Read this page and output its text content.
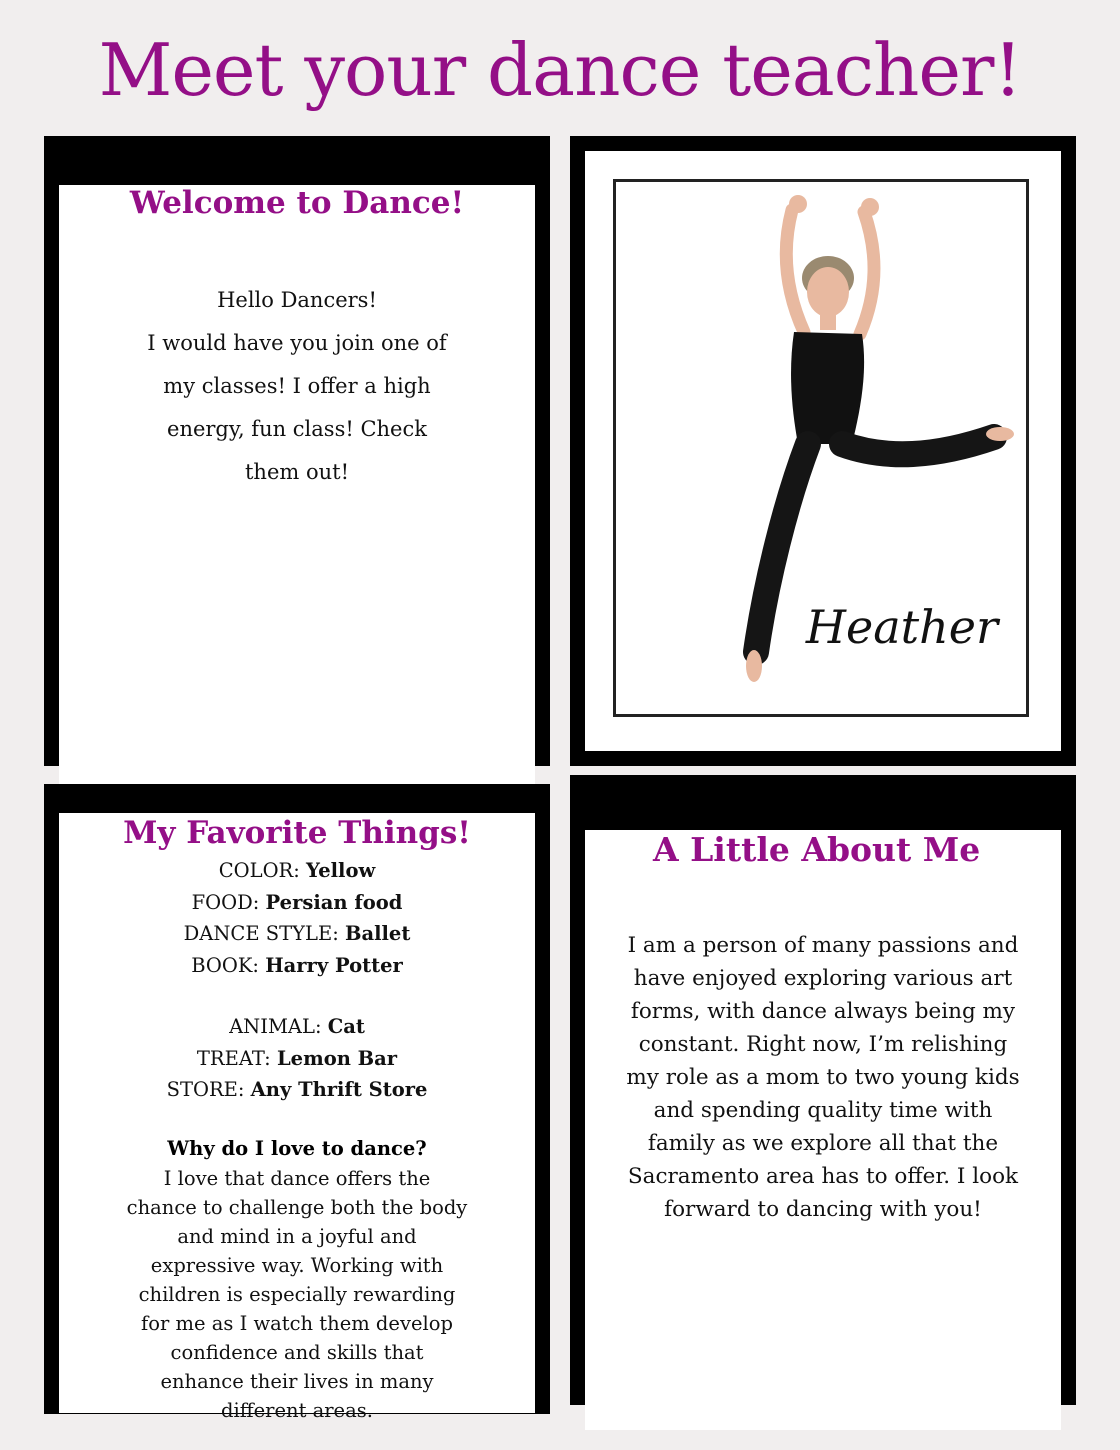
Meet your dance teacher!
Welcome to Dance!
Hello Dancers!
I would have you join one of
my classes! I offer a high
energy, fun class! Check
them out!
Heather
My Favorite Things!
COLOR: Yellow
FOOD: Persian food
DANCE STYLE: Ballet
BOOK: Harry Potter
ANIMAL: Cat
TREAT: Lemon Bar
STORE: Any Thrift Store
Why do I love to dance?
I love that dance offers the
chance to challenge both the body
and mind in a joyful and
expressive way. Working with
children is especially rewarding
for me as I watch them develop
confidence and skills that
enhance their lives in many
different areas.
A Little About Me
I am a person of many passions and
have enjoyed exploring various art
forms, with dance always being my
constant. Right now, I’m relishing
my role as a mom to two young kids
and spending quality time with
family as we explore all that the
Sacramento area has to offer. I look
forward to dancing with you!
